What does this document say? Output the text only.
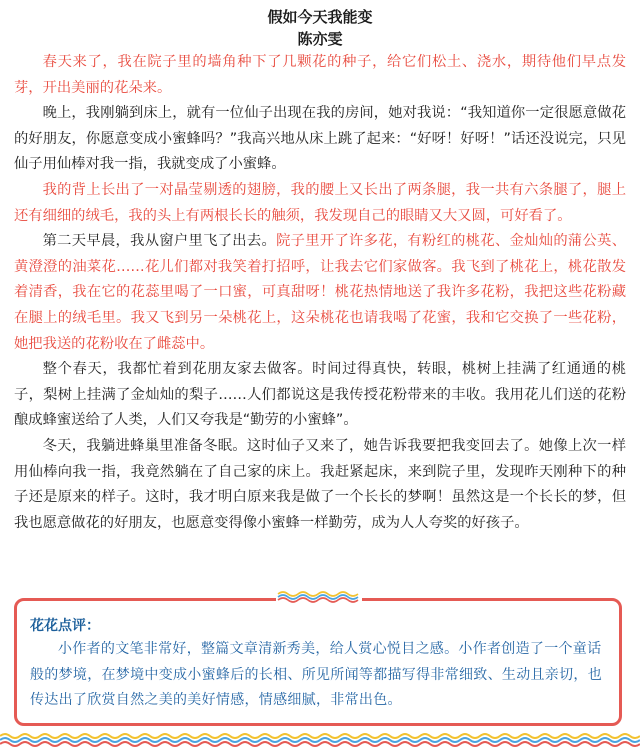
假如今天我能变
陈亦雯

春天来了，我在院子里的墙角种下了几颗花的种子，给它们松土、浇水，期待他们早点发芽，开出美丽的花朵来。

晚上，我刚躺到床上，就有一位仙子出现在我的房间，她对我说：“我知道你一定很愿意做花的好朋友，你愿意变成小蜜蜂吗？”我高兴地从床上跳了起来：“好呀！好呀！”话还没说完，只见仙子用仙棒对我一指，我就变成了小蜜蜂。

我的背上长出了一对晶莹剔透的翅膀，我的腰上又长出了两条腿，我一共有六条腿了，腿上还有细细的绒毛，我的头上有两根长长的触须，我发现自己的眼睛又大又圆，可好看了。

第二天早晨，我从窗户里飞了出去。院子里开了许多花，有粉红的桃花、金灿灿的蒲公英、黄澄澄的油菜花……花儿们都对我笑着打招呼，让我去它们家做客。我飞到了桃花上，桃花散发着清香，我在它的花蕊里喝了一口蜜，可真甜呀！桃花热情地送了我许多花粉，我把这些花粉藏在腿上的绒毛里。我又飞到另一朵桃花上，这朵桃花也请我喝了花蜜，我和它交换了一些花粉，她把我送的花粉收在了雌蕊中。

整个春天，我都忙着到花朋友家去做客。时间过得真快，转眼，桃树上挂满了红通通的桃子，梨树上挂满了金灿灿的梨子……人们都说这是我传授花粉带来的丰收。我用花儿们送的花粉酿成蜂蜜送给了人类，人们又夸我是“勤劳的小蜜蜂”。

冬天，我躺进蜂巢里准备冬眠。这时仙子又来了，她告诉我要把我变回去了。她像上次一样用仙棒向我一指，我竟然躺在了自己家的床上。我赶紧起床，来到院子里，发现昨天刚种下的种子还是原来的样子。这时，我才明白原来我是做了一个长长的梦啊！虽然这是一个长长的梦，但我也愿意做花的好朋友，也愿意变得像小蜜蜂一样勤劳，成为人人夸奖的好孩子。

花花点评：
小作者的文笔非常好，整篇文章清新秀美，给人赏心悦目之感。小作者创造了一个童话般的梦境，在梦境中变成小蜜蜂后的长相、所见所闻等都描写得非常细致、生动且亲切，也传达出了欣赏自然之美的美好情感，情感细腻，非常出色。
